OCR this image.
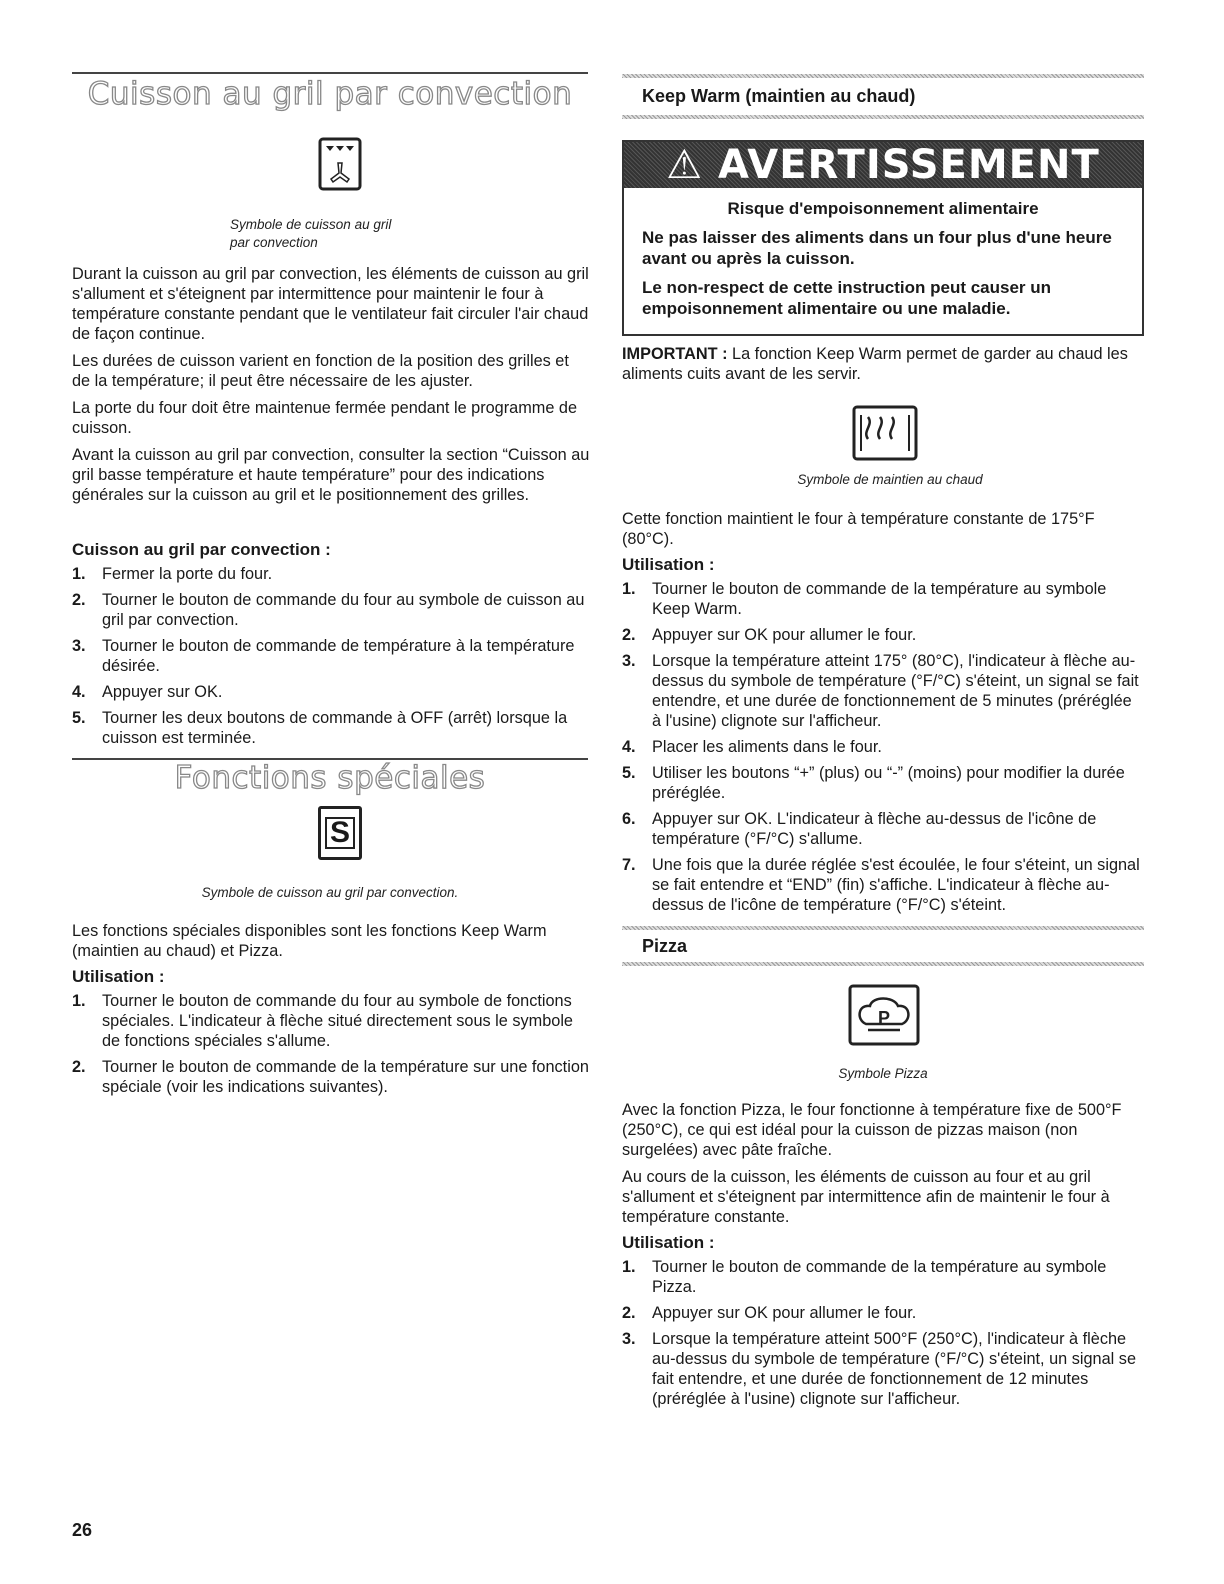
Cuisson au gril par convection
Symbole de cuisson au gril
par convection

Durant la cuisson au gril par convection, les éléments de cuisson au gril s'allument et s'éteignent par intermittence pour maintenir le four à température constante pendant que le ventilateur fait circuler l'air chaud de façon continue.

Les durées de cuisson varient en fonction de la position des grilles et de la température; il peut être nécessaire de les ajuster.

La porte du four doit être maintenue fermée pendant le programme de cuisson.

Avant la cuisson au gril par convection, consulter la section “Cuisson au gril basse température et haute température” pour des indications générales sur la cuisson au gril et le positionnement des grilles.

Cuisson au gril par convection :
1. Fermer la porte du four.
2. Tourner le bouton de commande du four au symbole de cuisson au gril par convection.
3. Tourner le bouton de commande de température à la température désirée.
4. Appuyer sur OK.
5. Tourner les deux boutons de commande à OFF (arrêt) lorsque la cuisson est terminée.
Fonctions spéciales
S
Symbole de cuisson au gril par convection.

Les fonctions spéciales disponibles sont les fonctions Keep Warm (maintien au chaud) et Pizza.

Utilisation :
1. Tourner le bouton de commande du four au symbole de fonctions spéciales. L'indicateur à flèche situé directement sous le symbole de fonctions spéciales s'allume.
2. Tourner le bouton de commande de la température sur une fonction spéciale (voir les indications suivantes).
Keep Warm (maintien au chaud)
⚠ AVERTISSEMENT

Risque d'empoisonnement alimentaire

Ne pas laisser des aliments dans un four plus d'une heure avant ou après la cuisson.

Le non-respect de cette instruction peut causer un empoisonnement alimentaire ou une maladie.

IMPORTANT : La fonction Keep Warm permet de garder au chaud les aliments cuits avant de les servir.
Symbole de maintien au chaud

Cette fonction maintient le four à température constante de 175°F (80°C).

Utilisation :
1. Tourner le bouton de commande de la température au symbole Keep Warm.
2. Appuyer sur OK pour allumer le four.
3. Lorsque la température atteint 175° (80°C), l'indicateur à flèche au-dessus du symbole de température (°F/°C) s'éteint, un signal se fait entendre, et une durée de fonctionnement de 5 minutes (préréglée à l'usine) clignote sur l'afficheur.
4. Placer les aliments dans le four.
5. Utiliser les boutons “+” (plus) ou “-” (moins) pour modifier la durée préréglée.
6. Appuyer sur OK. L'indicateur à flèche au-dessus de l'icône de température (°F/°C) s'allume.
7. Une fois que la durée réglée s'est écoulée, le four s'éteint, un signal se fait entendre et “END” (fin) s'affiche. L'indicateur à flèche au-dessus de l'icône de température (°F/°C) s'éteint.
Pizza
P
Symbole Pizza

Avec la fonction Pizza, le four fonctionne à température fixe de 500°F (250°C), ce qui est idéal pour la cuisson de pizzas maison (non surgelées) avec pâte fraîche.

Au cours de la cuisson, les éléments de cuisson au four et au gril s'allument et s'éteignent par intermittence afin de maintenir le four à température constante.

Utilisation :
1. Tourner le bouton de commande de la température au symbole Pizza.
2. Appuyer sur OK pour allumer le four.
3. Lorsque la température atteint 500°F (250°C), l'indicateur à flèche au-dessus du symbole de température (°F/°C) s'éteint, un signal se fait entendre, et une durée de fonctionnement de 12 minutes (préréglée à l'usine) clignote sur l'afficheur.
26
